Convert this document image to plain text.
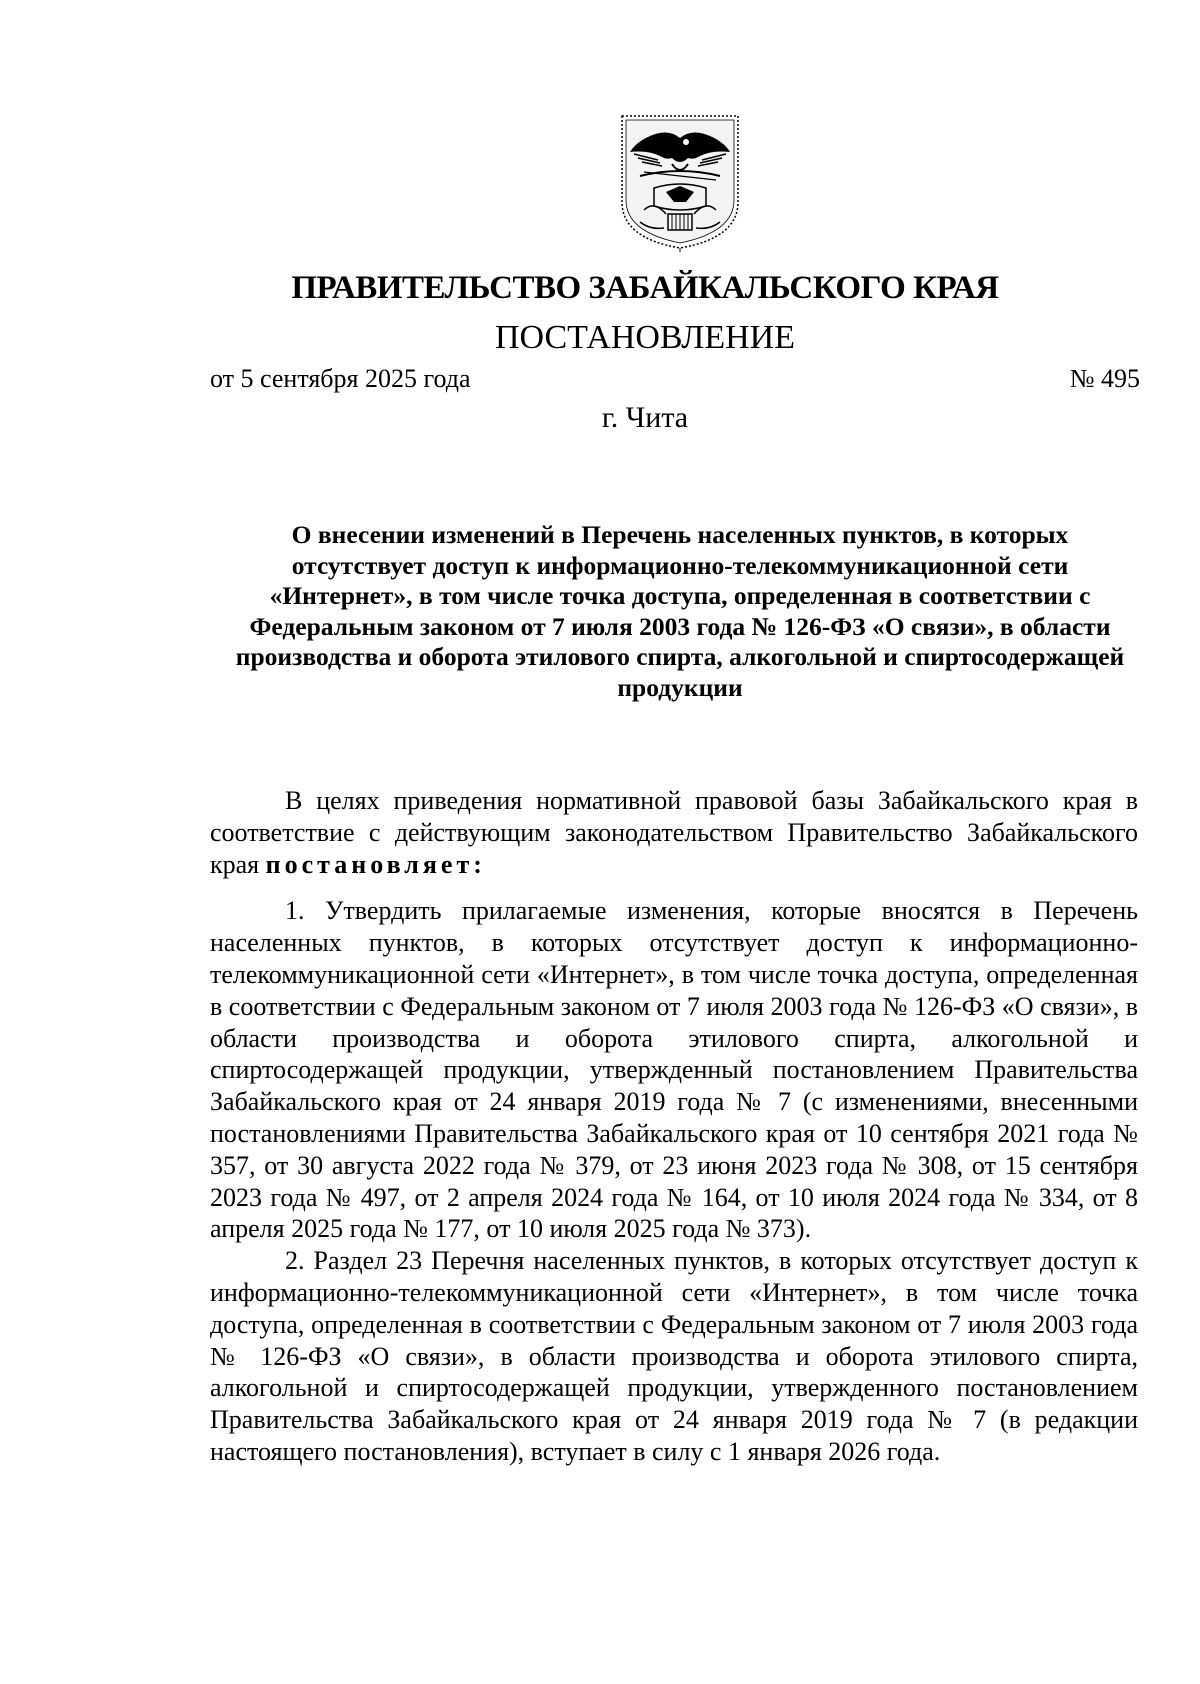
ПРАВИТЕЛЬСТВО ЗАБАЙКАЛЬСКОГО КРАЯ
ПОСТАНОВЛЕНИЕ
от 5 сентября 2025 года	№ 495
г. Чита

О внесении изменений в Перечень населенных пунктов, в которых отсутствует доступ к информационно-телекоммуникационной сети «Интернет», в том числе точка доступа, определенная в соответствии с Федеральным законом от 7 июля 2003 года № 126-ФЗ «О связи», в области производства и оборота этилового спирта, алкогольной и спиртосодержащей продукции

В целях приведения нормативной правовой базы Забайкальского края в соответствие с действующим законодательством Правительство Забайкальского края постановляет:

1. Утвердить прилагаемые изменения, которые вносятся в Перечень населенных пунктов, в которых отсутствует доступ к информационно-телекоммуникационной сети «Интернет», в том числе точка доступа, определенная в соответствии с Федеральным законом от 7 июля 2003 года № 126-ФЗ «О связи», в области производства и оборота этилового спирта, алкогольной и спиртосодержащей продукции, утвержденный постановлением Правительства Забайкальского края от 24 января 2019 года № 7 (с изменениями, внесенными постановлениями Правительства Забайкальского края от 10 сентября 2021 года № 357, от 30 августа 2022 года № 379, от 23 июня 2023 года № 308, от 15 сентября 2023 года № 497, от 2 апреля 2024 года № 164, от 10 июля 2024 года № 334, от 8 апреля 2025 года № 177, от 10 июля 2025 года № 373).

2. Раздел 23 Перечня населенных пунктов, в которых отсутствует доступ к информационно-телекоммуникационной сети «Интернет», в том числе точка доступа, определенная в соответствии с Федеральным законом от 7 июля 2003 года № 126-ФЗ «О связи», в области производства и оборота этилового спирта, алкогольной и спиртосодержащей продукции, утвержденного постановлением Правительства Забайкальского края от 24 января 2019 года № 7 (в редакции настоящего постановления), вступает в силу с 1 января 2026 года.
